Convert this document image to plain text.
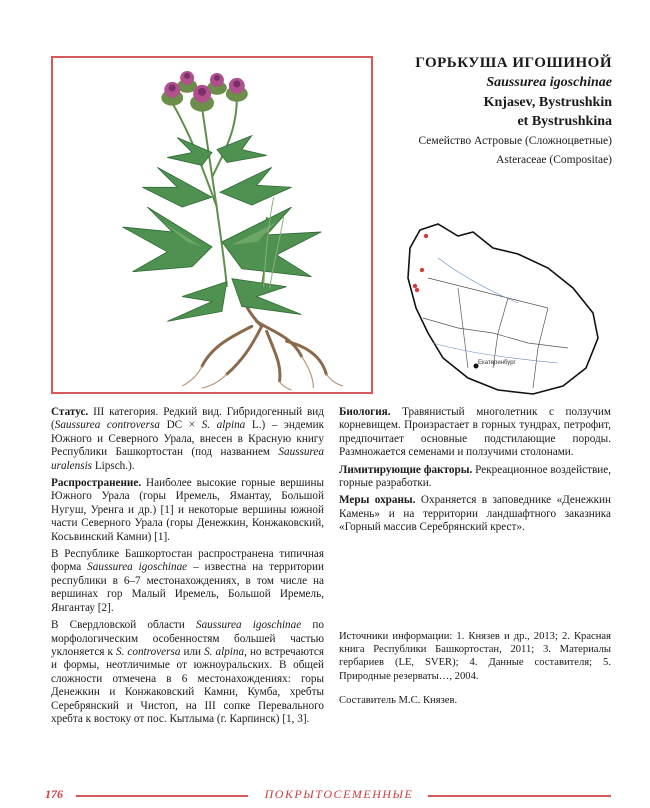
ГОРЬКУША ИГОШИНОЙ
Saussurea igoschinae
Knjasev, Bystrushkin
et Bystrushkina
Семейство Астровые (Сложноцветные)
Asteraceae (Compositae)
Екатеринбург

Статус. III категория. Редкий вид. Гибридогенный вид (Saussurea controversa DC × S. alpina L.) – эндемик Южного и Северного Урала, внесен в Красную книгу Республики Башкортостан (под названием Saussurea uralensis Lipsch.).

Распространение. Наиболее высокие горные вершины Южного Урала (горы Иремель, Ямантау, Большой Нугуш, Уренга и др.) [1] и некоторые вершины южной части Северного Урала (горы Денежкин, Конжаковский, Косьвинский Камни) [1].

В Республике Башкортостан распространена типичная форма Saussurea igoschinae – известна на территории республики в 6–7 местонахождениях, в том числе на вершинах гор Малый Иремель, Большой Иремель, Янгантау [2].

В Свердловской области Saussurea igoschinae по морфологическим особенностям большей частью уклоняется к S. controversa или S. alpina, но встречаются и формы, неотличимые от южноуральских. В общей сложности отмечена в 6 местонахождениях: горы Денежкин и Конжаковский Камни, Кумба, хребты Серебрянский и Чистоп, на III сопке Перевального хребта к востоку от пос. Кытлыма (г. Карпинск) [1, 3].

Биология. Травянистый многолетник с ползучим корневищем. Произрастает в горных тундрах, петрофит, предпочитает основные подстилающие породы. Размножается семенами и ползучими столонами.

Лимитирующие факторы. Рекреационное воздействие, горные разработки.

Меры охраны. Охраняется в заповеднике «Денежкин Камень» и на территории ландшафтного заказника «Горный массив Серебрянский крест».

Источники информации: 1. Князев и др., 2013; 2. Красная книга Республики Башкортостан, 2011; 3. Материалы гербариев (LE, SVER); 4. Данные составителя; 5. Природные резерваты…, 2004.
Составитель М.С. Князев.
176	ПОКРЫТОСЕМЕННЫЕ
